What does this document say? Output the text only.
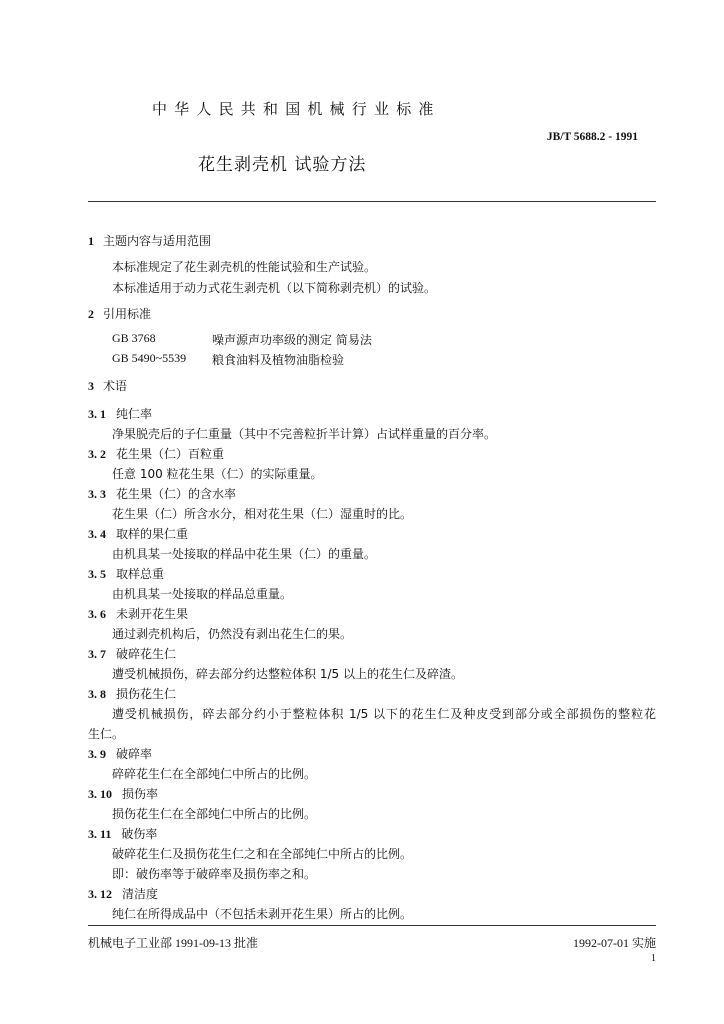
中华人民共和国机械行业标准
JB/T 5688.2 - 1991
花生剥壳机 试验方法
1 主题内容与适用范围
本标准规定了花生剥壳机的性能试验和生产试验。
本标准适用于动力式花生剥壳机（以下简称剥壳机）的试验。
2 引用标准
GB 3768	噪声源声功率级的测定 简易法
GB 5490~5539 粮食油料及植物油脂检验
3 术语
3. 1 纯仁率
净果脱壳后的子仁重量（其中不完善粒折半计算）占试样重量的百分率。
3. 2 花生果（仁）百粒重
任意 100 粒花生果（仁）的实际重量。
3. 3 花生果（仁）的含水率
花生果（仁）所含水分，相对花生果（仁）湿重时的比。
3. 4 取样的果仁重
由机具某一处接取的样品中花生果（仁）的重量。
3. 5 取样总重
由机具某一处接取的样品总重量。
3. 6 未剥开花生果
通过剥壳机构后，仍然没有剥出花生仁的果。
3. 7 破碎花生仁
遭受机械损伤，碎去部分约达整粒体积 1/5 以上的花生仁及碎渣。
3. 8 损伤花生仁
遭受机械损伤，碎去部分约小于整粒体积 1/5 以下的花生仁及种皮受到部分或全部损伤的整粒花
生仁。
3. 9 破碎率
碎碎花生仁在全部纯仁中所占的比例。
3. 10 损伤率
损伤花生仁在全部纯仁中所占的比例。
3. 11 破伤率
破碎花生仁及损伤花生仁之和在全部纯仁中所占的比例。
即：破伤率等于破碎率及损伤率之和。
3. 12 清洁度
纯仁在所得成品中（不包括未剥开花生果）所占的比例。
机械电子工业部 1991-09-13 批准	1992-07-01 实施
1
